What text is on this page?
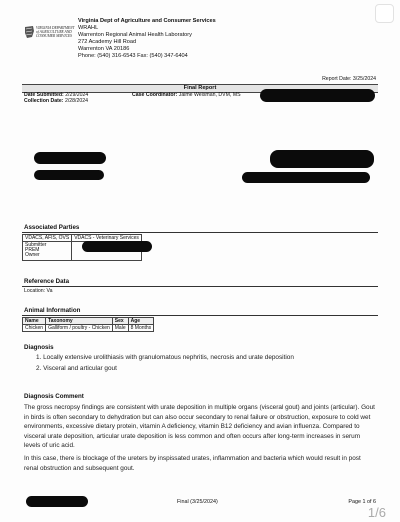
VIRGINIA DEPARTMENT
of AGRICULTURE AND
CONSUMER SERVICES
Virginia Dept of Agriculture and Consumer Services
WRAHL
Warrenton Regional Animal Health Laboratory
272 Academy Hill Road
Warrenton VA 20186
Phone: (540) 316-6543 Fax: (540) 347-6404
Report Date: 3/25/2024
Final Report
Date Submitted: 2/29/2024
Collection Date: 2/28/2024
Case Coordinator: Jaime Weisman, DVM, MS
Associated Parties
VDACS, AFIS, OVS	VDACS - Veterinary Services

Submitter
PREM
Owner	

Reference Data
Location: Va
Animal Information
Name	Taxonomy	Sex	Age
Chicken	Galliform / poultry - Chicken	Male	8 Months
Diagnosis
1. Locally extensive urolithiasis with granulomatous nephritis, necrosis and urate deposition
2. Visceral and articular gout
Diagnosis Comment
The gross necropsy findings are consistent with urate deposition in multiple organs (visceral gout) and joints (articular). Gout in birds is often secondary to dehydration but can also occur secondary to renal failure or obstruction, exposure to cold wet environments, excessive dietary protein, vitamin A deficiency, vitamin B12 deficiency and avian influenza. Compared to visceral urate deposition, articular urate deposition is less common and often occurs after long-term increases in serum levels of uric acid.
In this case, there is blockage of the ureters by inspissated urates, inflammation and bacteria which would result in post renal obstruction and subsequent gout.
Final (3/25/2024)	Page 1 of 6
1/6
